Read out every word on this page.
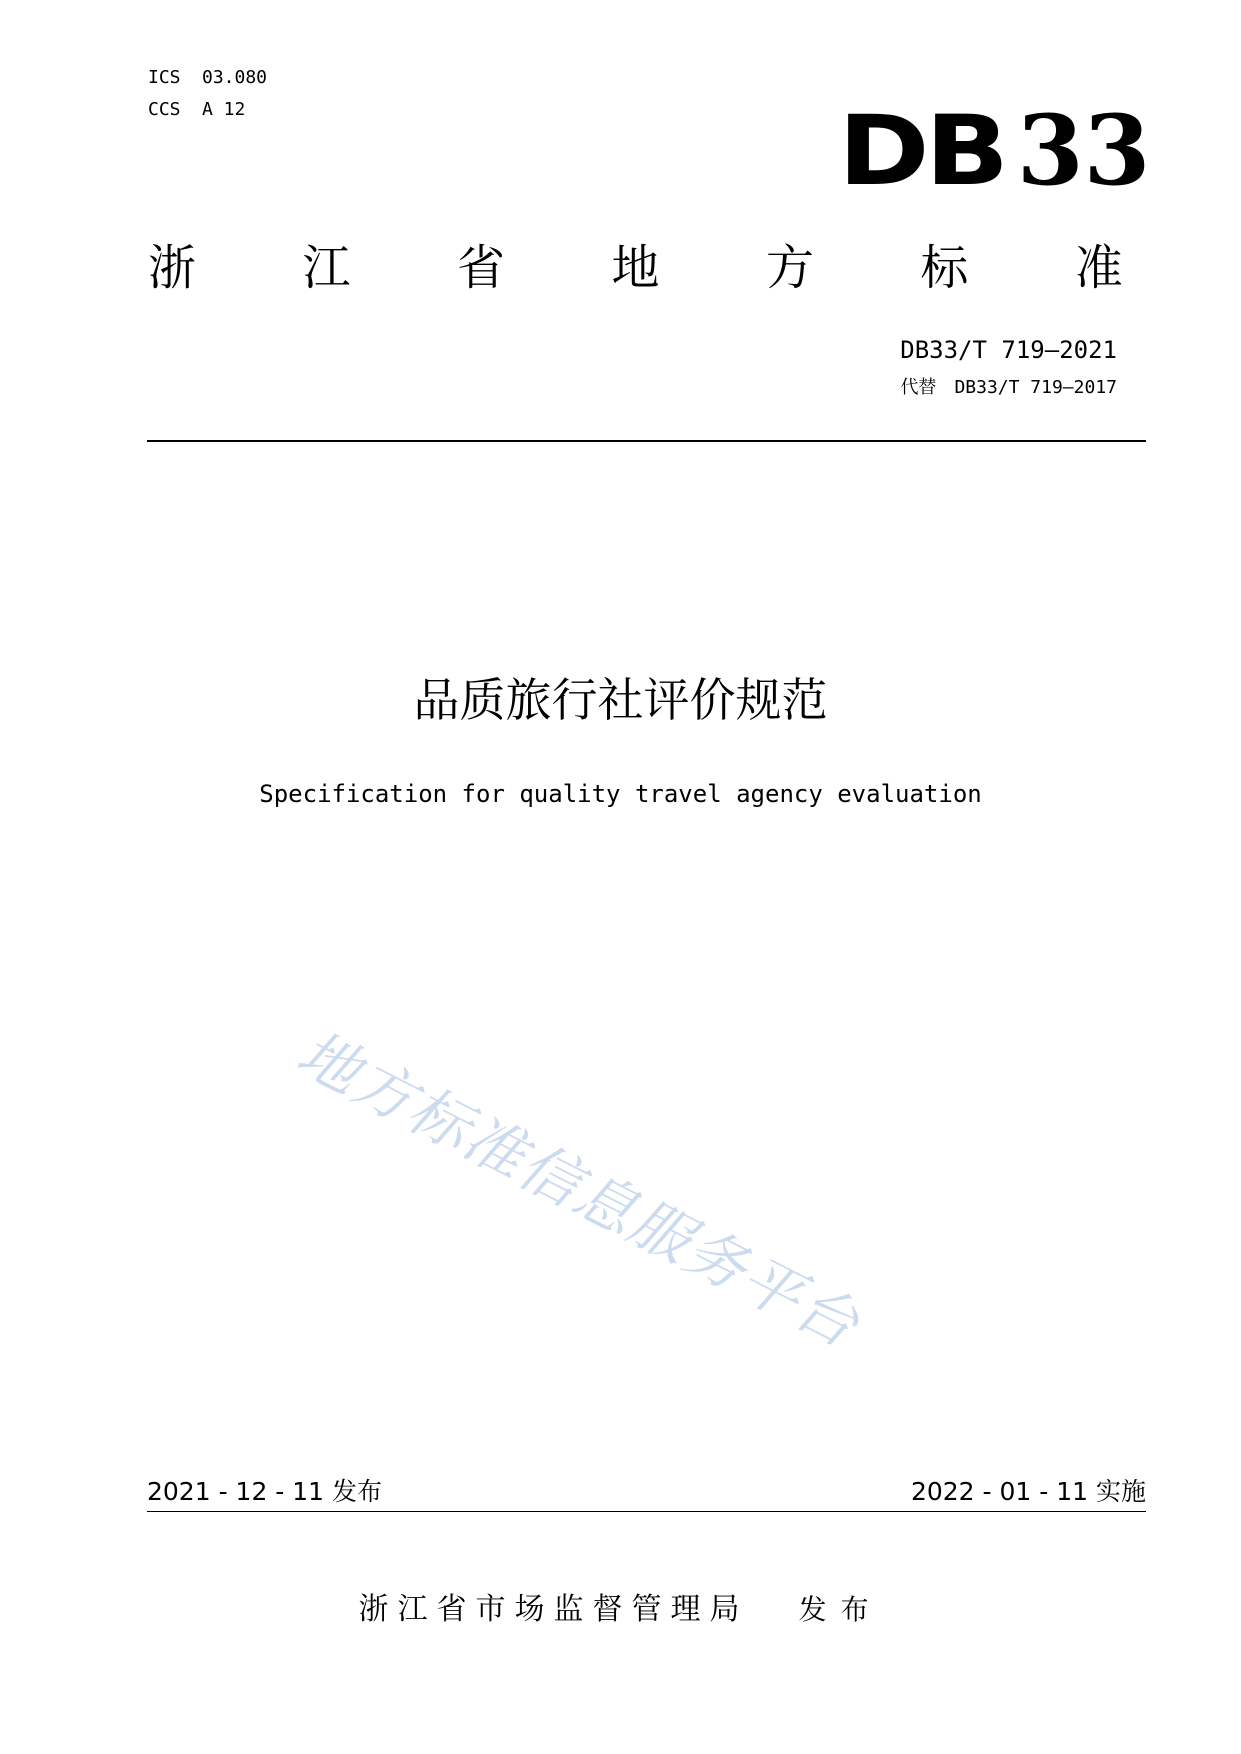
ICS 03.080
CCS A 12	DB 33
浙 江 省 地 方 标 准
DB33/T 719—2021
代替 DB33/T 719—2017
品质旅行社评价规范
Specification for quality travel agency evaluation
地方标准信息服务平台
2021 - 12 - 11 发布	2022 - 01 - 11 实施
浙江省市场监督管理局 发布
